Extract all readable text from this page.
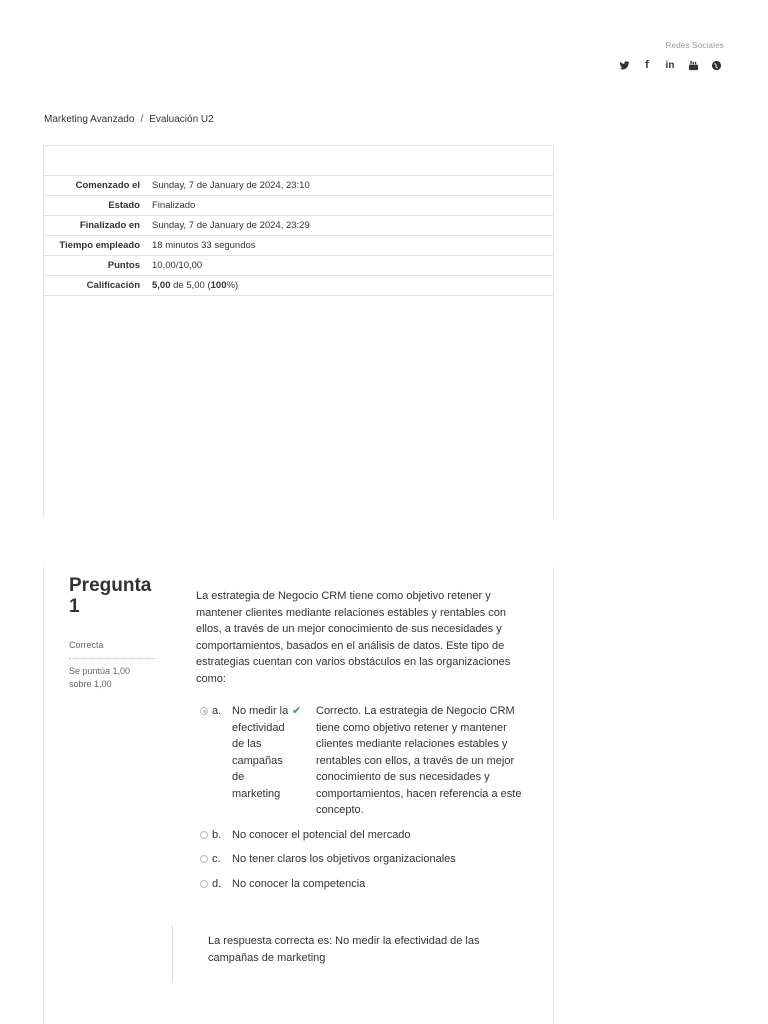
Redes Sociales
f	in
Marketing Avanzado / Evaluación U2
Comenzado el	Sunday, 7 de January de 2024, 23:10
Estado	Finalizado
Finalizado en	Sunday, 7 de January de 2024, 23:29
Tiempo empleado	18 minutos 33 segundos
Puntos	10,00/10,00
Calificación	5,00 de 5,00 (100%)
Pregunta 1
Correcta
Se puntúa 1,00 sobre 1,00
La estrategia de Negocio CRM tiene como objetivo retener y mantener clientes mediante relaciones estables y rentables con ellos, a través de un mejor conocimiento de sus necesidades y comportamientos, basados en el análisis de datos. Este tipo de estrategias cuentan con varios obstáculos en las organizaciones como:
a. No medir la efectividad de las campañas de marketing
✔	Correcto. La estrategia de Negocio CRM tiene como objetivo retener y mantener clientes mediante relaciones estables y rentables con ellos, a través de un mejor conocimiento de sus necesidades y comportamientos, hacen referencia a este concepto.
b. No conocer el potencial del mercado
c.	No tener claros los objetivos organizacionales
d. No conocer la competencia
La respuesta correcta es: No medir la efectividad de las campañas de marketing
